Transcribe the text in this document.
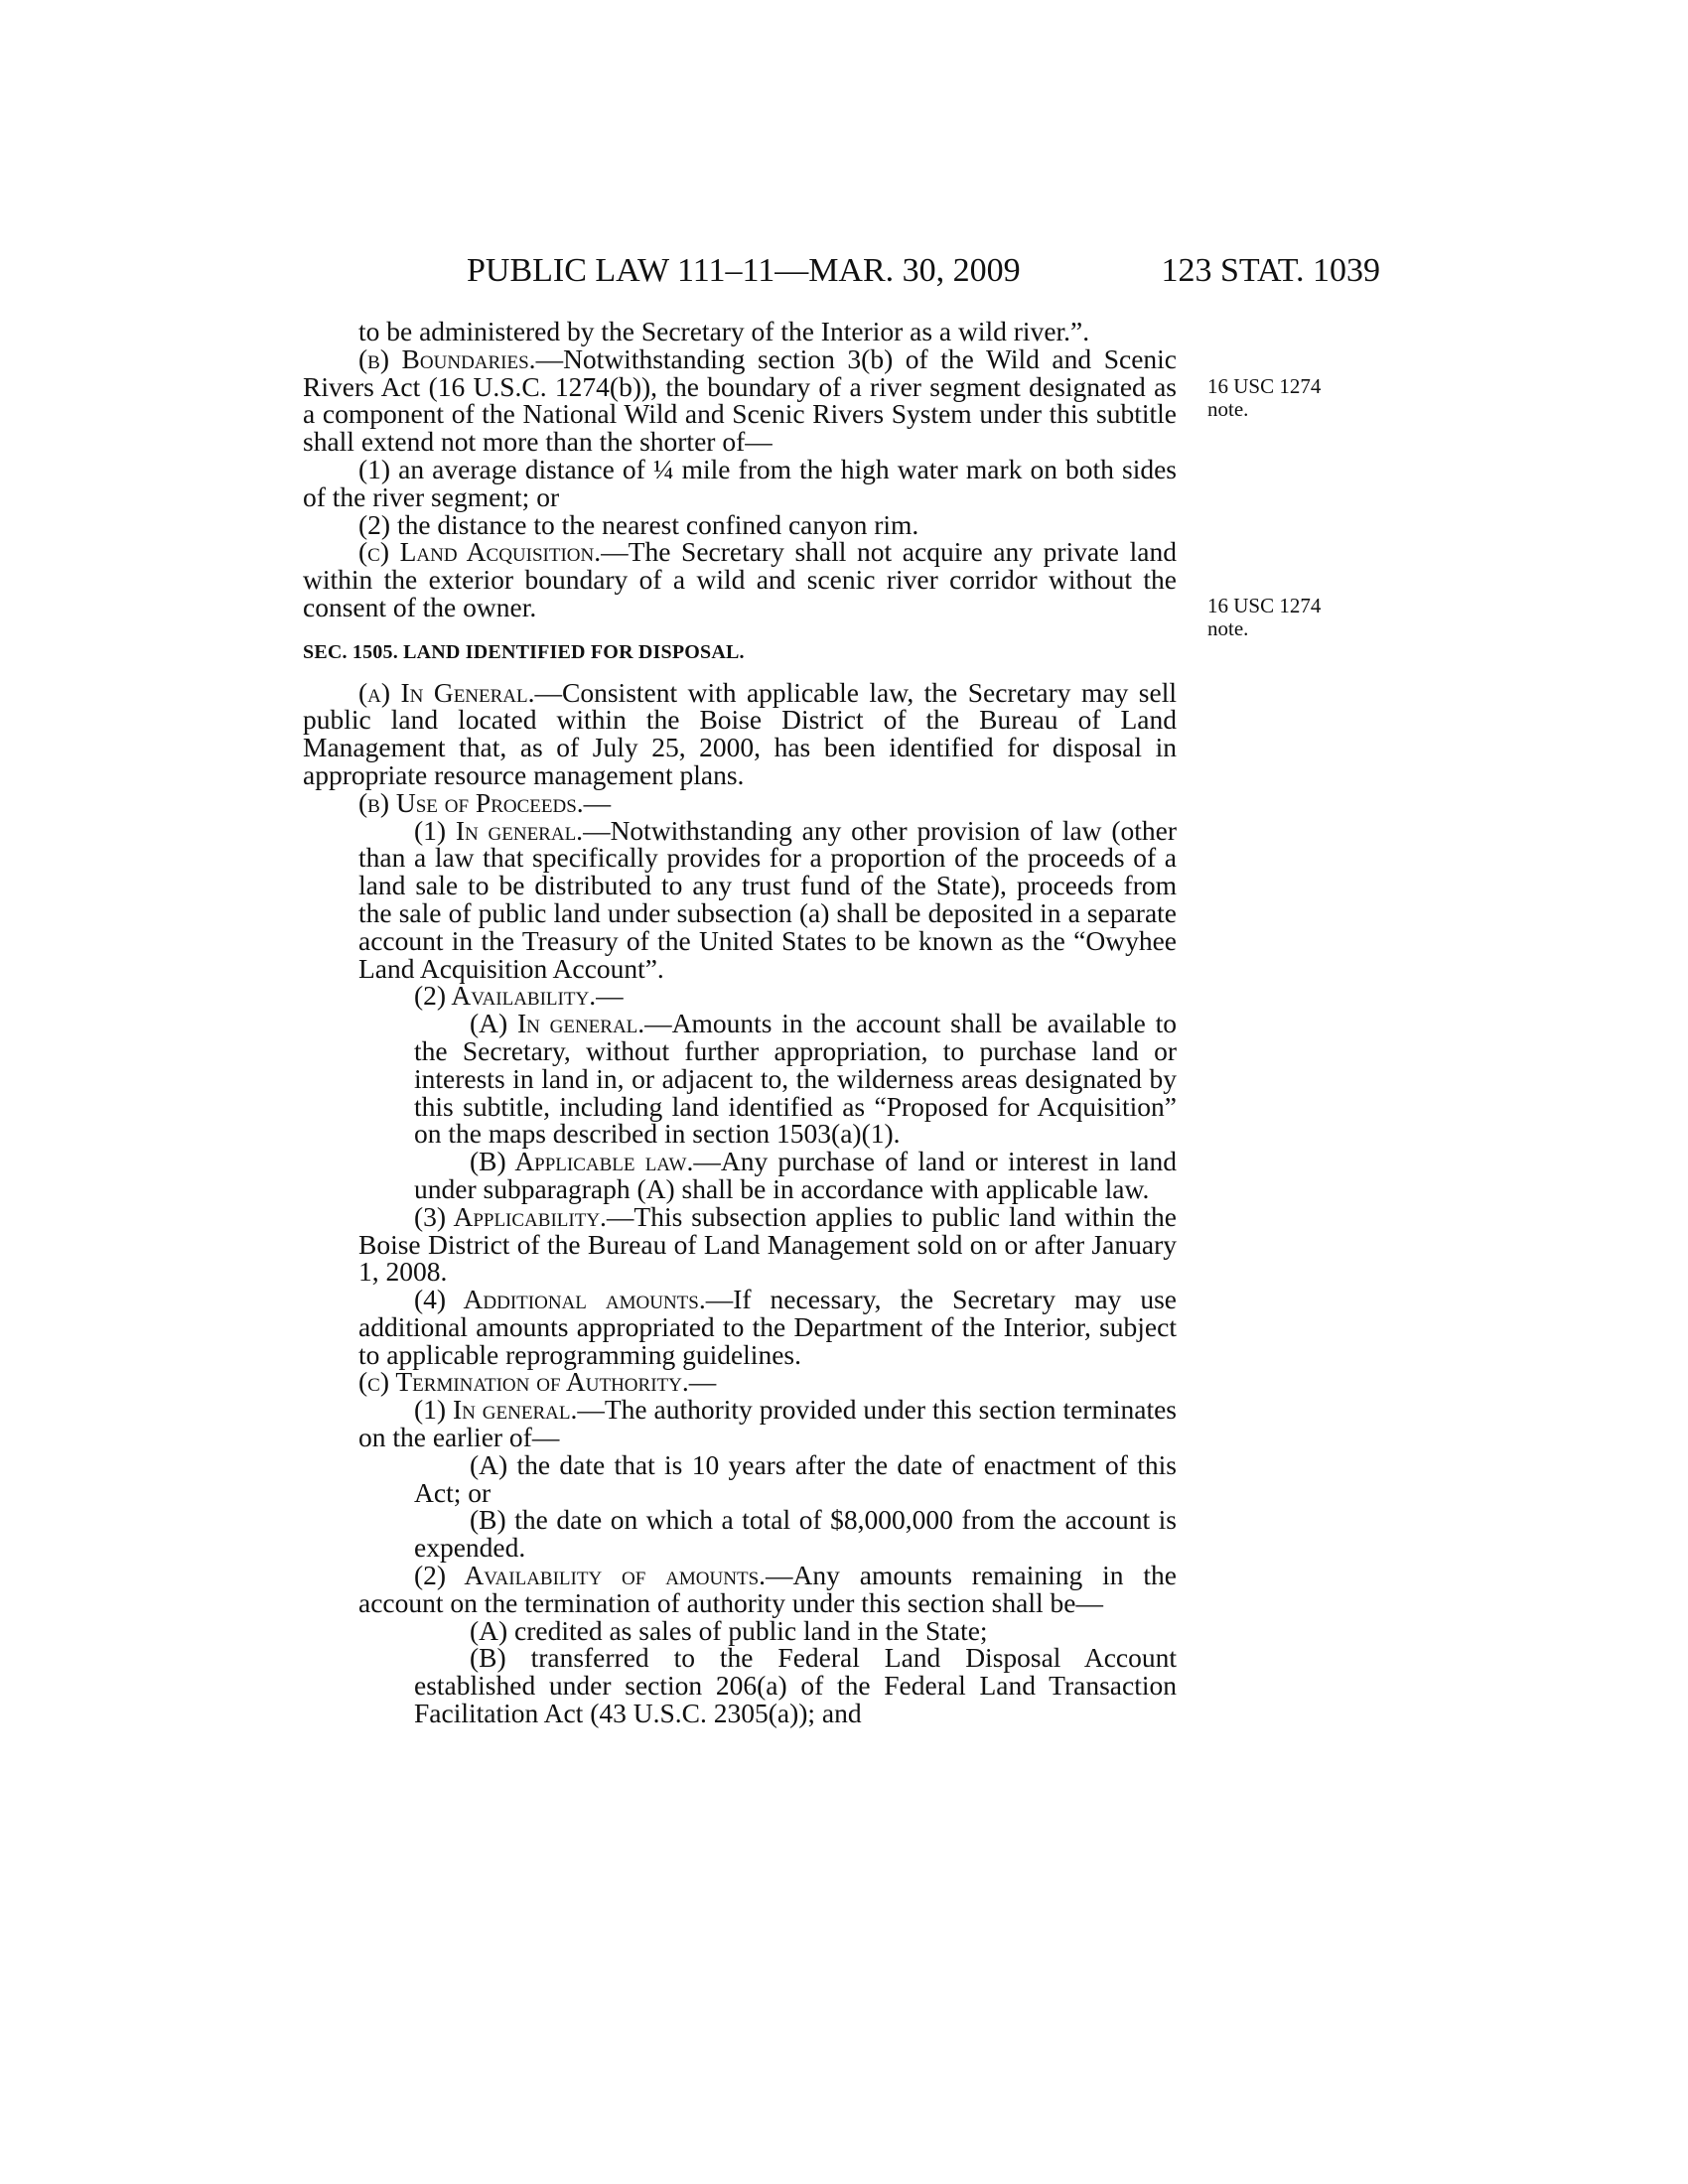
PUBLIC LAW 111–11—MAR. 30, 2009	123 STAT. 1039
16 USC 1274
note.
16 USC 1274
note.

to be administered by the Secretary of the Interior as a wild river.”.

(b) Boundaries.—Notwithstanding section 3(b) of the Wild and Scenic Rivers Act (16 U.S.C. 1274(b)), the boundary of a river segment designated as a component of the National Wild and Scenic Rivers System under this subtitle shall extend not more than the shorter of—

(1) an average distance of ¼ mile from the high water mark on both sides of the river segment; or

(2) the distance to the nearest confined canyon rim.

(c) Land Acquisition.—The Secretary shall not acquire any private land within the exterior boundary of a wild and scenic river corridor without the consent of the owner.

SEC. 1505. LAND IDENTIFIED FOR DISPOSAL.

(a) In General.—Consistent with applicable law, the Secretary may sell public land located within the Boise District of the Bureau of Land Management that, as of July 25, 2000, has been identified for disposal in appropriate resource management plans.

(b) Use of Proceeds.—

(1) In general.—Notwithstanding any other provision of law (other than a law that specifically provides for a proportion of the proceeds of a land sale to be distributed to any trust fund of the State), proceeds from the sale of public land under subsection (a) shall be deposited in a separate account in the Treasury of the United States to be known as the “Owyhee Land Acquisition Account”.

(2) Availability.—

(A) In general.—Amounts in the account shall be available to the Secretary, without further appropriation, to purchase land or interests in land in, or adjacent to, the wilderness areas designated by this subtitle, including land identified as “Proposed for Acquisition” on the maps described in section 1503(a)(1).

(B) Applicable law.—Any purchase of land or interest in land under subparagraph (A) shall be in accordance with applicable law.

(3) Applicability.—This subsection applies to public land within the Boise District of the Bureau of Land Management sold on or after January 1, 2008.

(4) Additional amounts.—If necessary, the Secretary may use additional amounts appropriated to the Department of the Interior, subject to applicable reprogramming guidelines.

(c) Termination of Authority.—

(1) In general.—The authority provided under this section terminates on the earlier of—

(A) the date that is 10 years after the date of enactment of this Act; or

(B) the date on which a total of $8,000,000 from the account is expended.

(2) Availability of amounts.—Any amounts remaining in the account on the termination of authority under this section shall be—

(A) credited as sales of public land in the State;

(B) transferred to the Federal Land Disposal Account established under section 206(a) of the Federal Land Transaction Facilitation Act (43 U.S.C. 2305(a)); and
